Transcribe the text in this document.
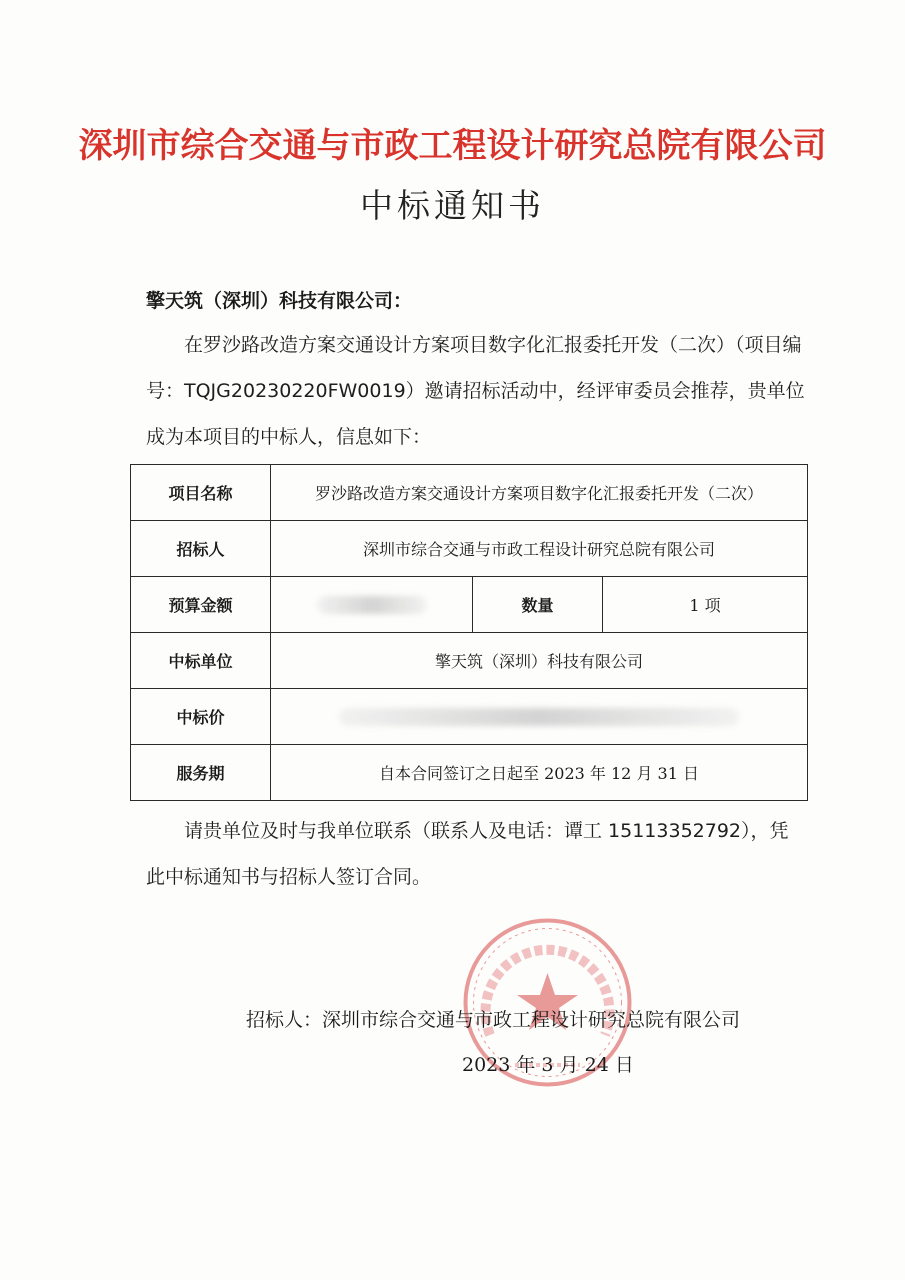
深圳市综合交通与市政工程设计研究总院有限公司
中标通知书
擎天筑（深圳）科技有限公司：
在罗沙路改造方案交通设计方案项目数字化汇报委托开发（二次）（项目编号：TQJG20230220FW0019）邀请招标活动中，经评审委员会推荐，贵单位成为本项目的中标人，信息如下：
项目名称	罗沙路改造方案交通设计方案项目数字化汇报委托开发（二次）		
招标人	深圳市综合交通与市政工程设计研究总院有限公司		
预算金额		数量	1 项
中标单位	擎天筑（深圳）科技有限公司		
中标价			
服务期	自本合同签订之日起至 2023 年 12 月 31 日		
请贵单位及时与我单位联系（联系人及电话：谭工 15113352792），凭此中标通知书与招标人签订合同。
招标人：深圳市综合交通与市政工程设计研究总院有限公司
2023 年 3 月 24 日
